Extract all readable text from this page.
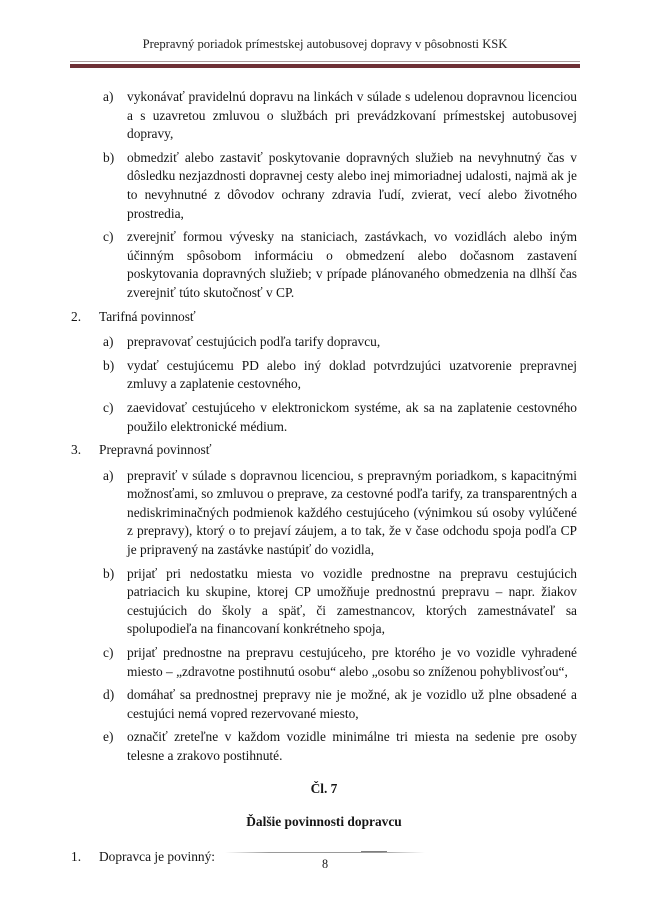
Prepravný poriadok prímestskej autobusovej dopravy v pôsobnosti KSK
a) vykonávať pravidelnú dopravu na linkách v súlade s udelenou dopravnou licenciou a s uzavretou zmluvou o službách pri prevádzkovaní prímestskej autobusovej dopravy,
b) obmedziť alebo zastaviť poskytovanie dopravných služieb na nevyhnutný čas v dôsledku nezjazdnosti dopravnej cesty alebo inej mimoriadnej udalosti, najmä ak je to nevyhnutné z dôvodov ochrany zdravia ľudí, zvierat, vecí alebo životného prostredia,
c) zverejniť formou vývesky na staniciach, zastávkach, vo vozidlách alebo iným účinným spôsobom informáciu o obmedzení alebo dočasnom zastavení poskytovania dopravných služieb; v prípade plánovaného obmedzenia na dlhší čas zverejniť túto skutočnosť v CP.
2. Tarifná povinnosť
a) prepravovať cestujúcich podľa tarify dopravcu,
b) vydať cestujúcemu PD alebo iný doklad potvrdzujúci uzatvorenie prepravnej zmluvy a zaplatenie cestovného,
c) zaevidovať cestujúceho v elektronickom systéme, ak sa na zaplatenie cestovného použilo elektronické médium.
3. Prepravná povinnosť
a) prepraviť v súlade s dopravnou licenciou, s prepravným poriadkom, s kapacitnými možnosťami, so zmluvou o preprave, za cestovné podľa tarify, za transparentných a nediskriminačných podmienok každého cestujúceho (výnimkou sú osoby vylúčené z prepravy), ktorý o to prejaví záujem, a to tak, že v čase odchodu spoja podľa CP je pripravený na zastávke nastúpiť do vozidla,
b) prijať pri nedostatku miesta vo vozidle prednostne na prepravu cestujúcich patriacich ku skupine, ktorej CP umožňuje prednostnú prepravu – napr. žiakov cestujúcich do školy a späť, či zamestnancov, ktorých zamestnávateľ sa spolupodieľa na financovaní konkrétneho spoja,
c) prijať prednostne na prepravu cestujúceho, pre ktorého je vo vozidle vyhradené miesto – „zdravotne postihnutú osobu“ alebo „osobu so zníženou pohyblivosťou“,
d) domáhať sa prednostnej prepravy nie je možné, ak je vozidlo už plne obsadené a cestujúci nemá vopred rezervované miesto,
e) označiť zreteľne v každom vozidle minimálne tri miesta na sedenie pre osoby telesne a zrakovo postihnuté.
Čl. 7
Ďalšie povinnosti dopravcu
1. Dopravca je povinný:
8
